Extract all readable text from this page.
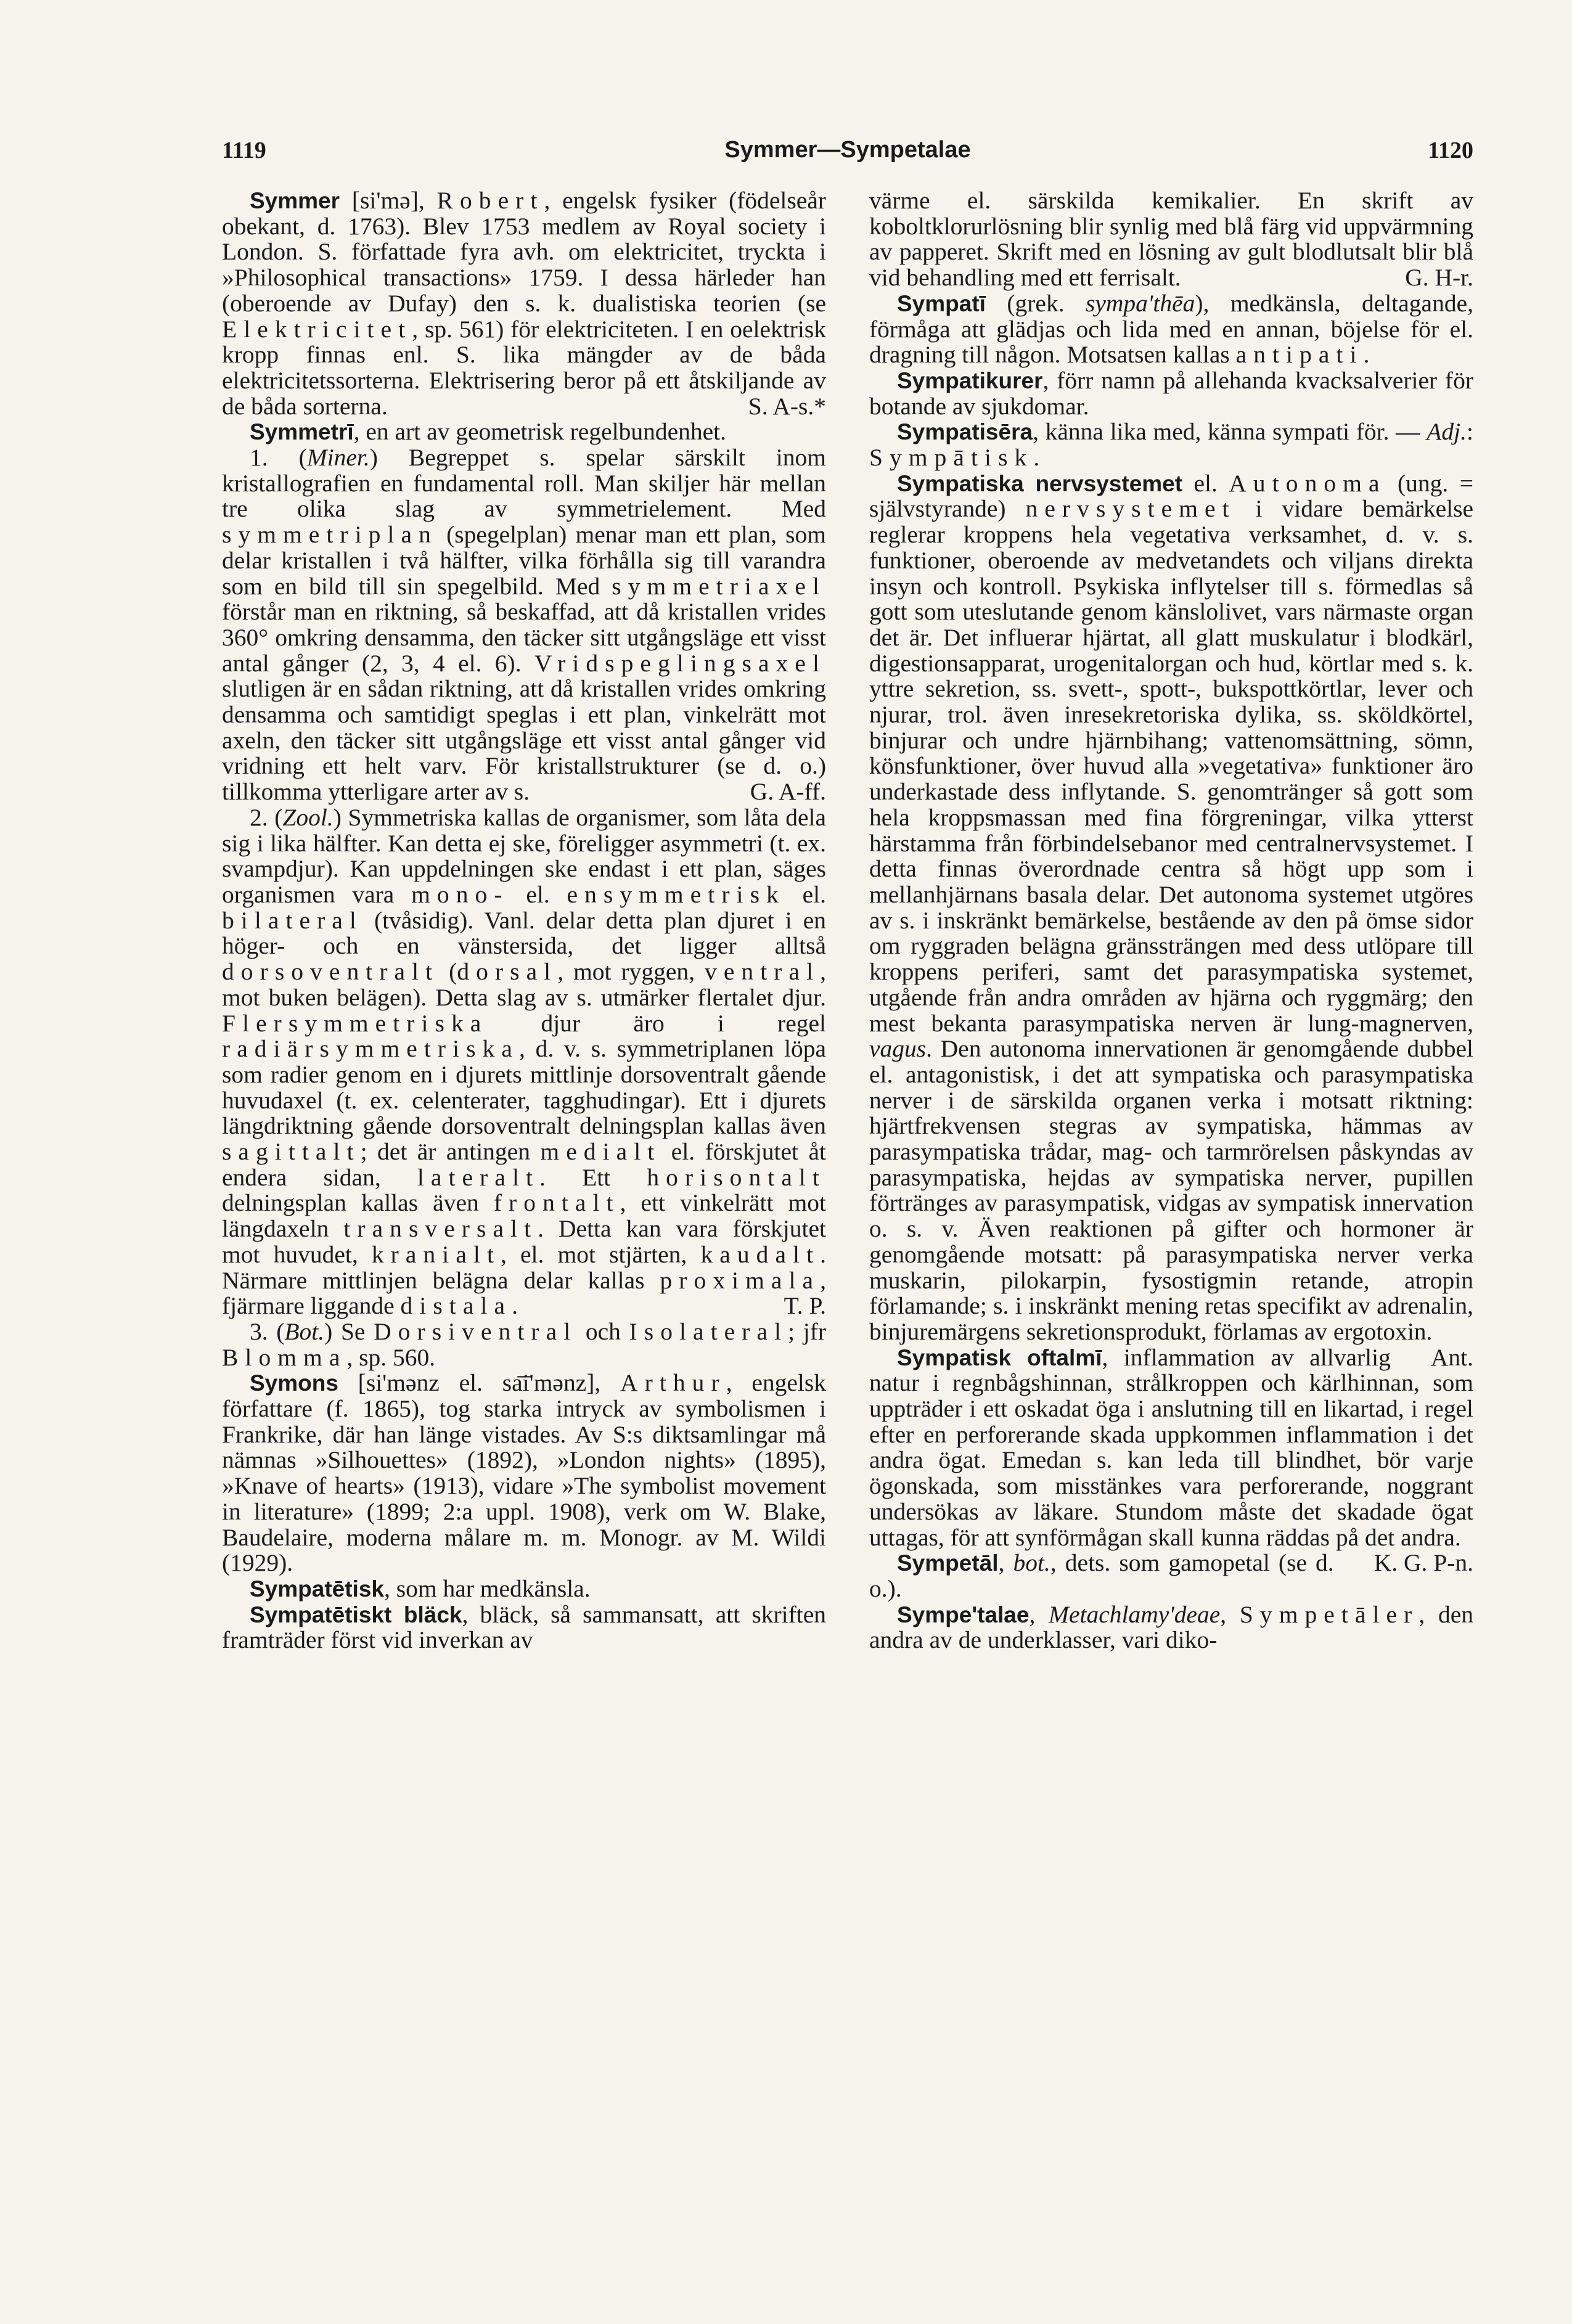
1119	Symmer—Sympetalae	1120

Symmer [si'mə], Robert, engelsk fysiker (födelseår obekant, d. 1763). Blev 1753 medlem av Royal society i London. S. författade fyra avh. om elektricitet, tryckta i »Philosophical transactions» 1759. I dessa härleder han (oberoende av Dufay) den s. k. dualistiska teorien (se Elektricitet, sp. 561) för elektriciteten. I en oelektrisk kropp finnas enl. S. lika mängder av de båda elektricitetssorterna. Elektrisering beror på ett åtskiljande av de båda sorterna.	S. A-s.*

Symmetrī, en art av geometrisk regelbundenhet.

1. (Miner.) Begreppet s. spelar särskilt inom kristallografien en fundamental roll. Man skiljer här mellan tre olika slag av symmetrielement. Med symmetriplan (spegelplan) menar man ett plan, som delar kristallen i två hälfter, vilka förhålla sig till varandra som en bild till sin spegelbild. Med symmetriaxel förstår man en riktning, så beskaffad, att då kristallen vrides 360° omkring densamma, den täcker sitt utgångsläge ett visst antal gånger (2, 3, 4 el. 6). Vridspeglingsaxel slutligen är en sådan riktning, att då kristallen vrides omkring densamma och samtidigt speglas i ett plan, vinkelrätt mot axeln, den täcker sitt utgångsläge ett visst antal gånger vid vridning ett helt varv. För kristallstrukturer (se d. o.) tillkomma ytterligare arter av s.	G. A-ff.

2. (Zool.) Symmetriska kallas de organismer, som låta dela sig i lika hälfter. Kan detta ej ske, föreligger asymmetri (t. ex. svampdjur). Kan uppdelningen ske endast i ett plan, säges organismen vara mono- el. ensymmetrisk el. bilateral (tvåsidig). Vanl. delar detta plan djuret i en höger- och en vänstersida, det ligger alltså dorsoventralt (dorsal, mot ryggen, ventral, mot buken belägen). Detta slag av s. utmärker flertalet djur. Flersymmetriska djur äro i regel radiärsymmetriska, d. v. s. symmetriplanen löpa som radier genom en i djurets mittlinje dorsoventralt gående huvudaxel (t. ex. celenterater, tagghudingar). Ett i djurets längdriktning gående dorsoventralt delningsplan kallas även sagittalt; det är antingen medialt el. förskjutet åt endera sidan, lateralt. Ett horisontalt delningsplan kallas även frontalt, ett vinkelrätt mot längdaxeln transversalt. Detta kan vara förskjutet mot huvudet, kranialt, el. mot stjärten, kaudalt. Närmare mittlinjen belägna delar kallas proximala, fjärmare liggande distala.	T. P.

3. (Bot.) Se Dorsiventral och Isolateral; jfr Blomma, sp. 560.

Symons [si'mənz el. sa͞i'mənz], Arthur, engelsk författare (f. 1865), tog starka intryck av symbolismen i Frankrike, där han länge vistades. Av S:s diktsamlingar må nämnas »Silhouettes» (1892), »London nights» (1895), »Knave of hearts» (1913), vidare »The symbolist movement in literature» (1899; 2:a uppl. 1908), verk om W. Blake, Baudelaire, moderna målare m. m. Monogr. av M. Wildi (1929).

Sympatētisk, som har medkänsla.

Sympatētiskt bläck, bläck, så sammansatt, att skriften framträder först vid inverkan av

värme el. särskilda kemikalier. En skrift av koboltklorurlösning blir synlig med blå färg vid uppvärmning av papperet. Skrift med en lösning av gult blodlutsalt blir blå vid behandling med ett ferrisalt.	G. H-r.

Sympatī (grek. sympa'thēa), medkänsla, deltagande, förmåga att glädjas och lida med en annan, böjelse för el. dragning till någon. Motsatsen kallas antipati.

Sympatikurer, förr namn på allehanda kvacksalverier för botande av sjukdomar.

Sympatisēra, känna lika med, känna sympati för. — Adj.: Sympātisk.

Sympatiska nervsystemet el. Autonoma (ung. = självstyrande) nervsystemet i vidare bemärkelse reglerar kroppens hela vegetativa verksamhet, d. v. s. funktioner, oberoende av medvetandets och viljans direkta insyn och kontroll. Psykiska inflytelser till s. förmedlas så gott som uteslutande genom känslolivet, vars närmaste organ det är. Det influerar hjärtat, all glatt muskulatur i blodkärl, digestionsapparat, urogenitalorgan och hud, körtlar med s. k. yttre sekretion, ss. svett-, spott-, bukspottkörtlar, lever och njurar, trol. även inresekretoriska dylika, ss. sköldkörtel, binjurar och undre hjärnbihang; vattenomsättning, sömn, könsfunktioner, över huvud alla »vegetativa» funktioner äro underkastade dess inflytande. S. genomtränger så gott som hela kroppsmassan med fina förgreningar, vilka ytterst härstamma från förbindelsebanor med centralnervsystemet. I detta finnas överordnade centra så högt upp som i mellanhjärnans basala delar. Det autonoma systemet utgöres av s. i inskränkt bemärkelse, bestående av den på ömse sidor om ryggraden belägna gränssträngen med dess utlöpare till kroppens periferi, samt det parasympatiska systemet, utgående från andra områden av hjärna och ryggmärg; den mest bekanta parasympatiska nerven är lung-magnerven, vagus. Den autonoma innervationen är genomgående dubbel el. antagonistisk, i det att sympatiska och parasympatiska nerver i de särskilda organen verka i motsatt riktning: hjärtfrekvensen stegras av sympatiska, hämmas av parasympatiska trådar, mag- och tarmrörelsen påskyndas av parasympatiska, hejdas av sympatiska nerver, pupillen förtränges av parasympatisk, vidgas av sympatisk innervation o. s. v. Även reaktionen på gifter och hormoner är genomgående motsatt: på parasympatiska nerver verka muskarin, pilokarpin, fysostigmin retande, atropin förlamande; s. i inskränkt mening retas specifikt av adrenalin, binjuremärgens sekretionsprodukt, förlamas av ergotoxin.
Ant.

Sympatisk oftalmī, inflammation av allvarlig natur i regnbågshinnan, strålkroppen och kärlhinnan, som uppträder i ett oskadat öga i anslutning till en likartad, i regel efter en perforerande skada uppkommen inflammation i det andra ögat. Emedan s. kan leda till blindhet, bör varje ögonskada, som misstänkes vara perforerande, noggrant undersökas av läkare. Stundom måste det skadade ögat uttagas, för att synförmågan skall kunna räddas på det andra.
K. G. P-n.

Sympetāl, bot., dets. som gamopetal (se d. o.).

Sympe'talae, Metachlamy'deae, Sympetāler, den andra av de underklasser, vari diko-
